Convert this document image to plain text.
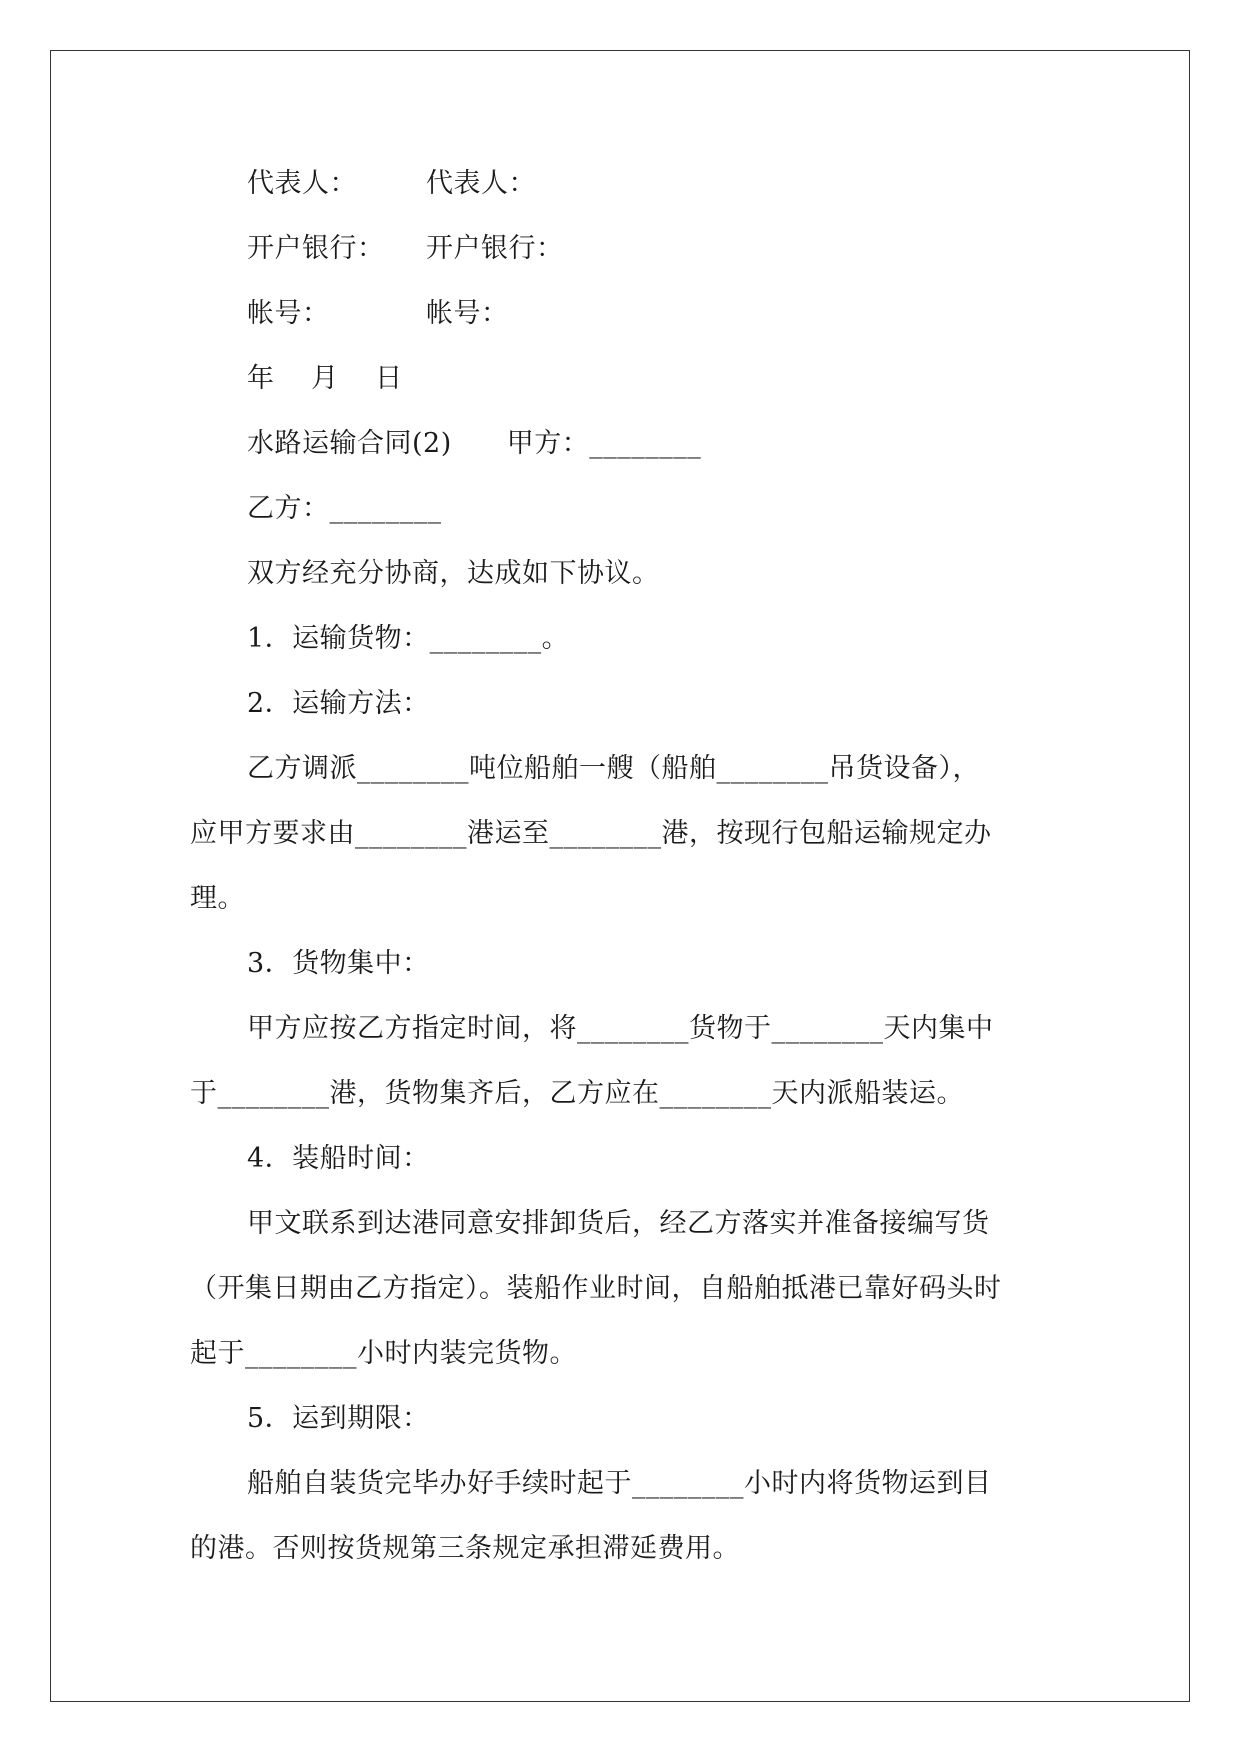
代表人：　　　代表人：
开户银行：　　开户银行：
帐号：　　　　帐号：
年　 月　 日
水路运输合同(2)　　甲方：________
乙方：________
双方经充分协商，达成如下协议。
1．运输货物：________。
2．运输方法：
乙方调派________吨位船舶一艘（船舶________吊货设备），
应甲方要求由________港运至________港，按现行包船运输规定办
理。
3．货物集中：
甲方应按乙方指定时间，将________货物于________天内集中
于________港，货物集齐后，乙方应在________天内派船装运。
4．装船时间：
甲文联系到达港同意安排卸货后，经乙方落实并准备接编写货
（开集日期由乙方指定）。装船作业时间，自船舶抵港已靠好码头时
起于________小时内装完货物。
5．运到期限：
船舶自装货完毕办好手续时起于________小时内将货物运到目
的港。否则按货规第三条规定承担滞延费用。
